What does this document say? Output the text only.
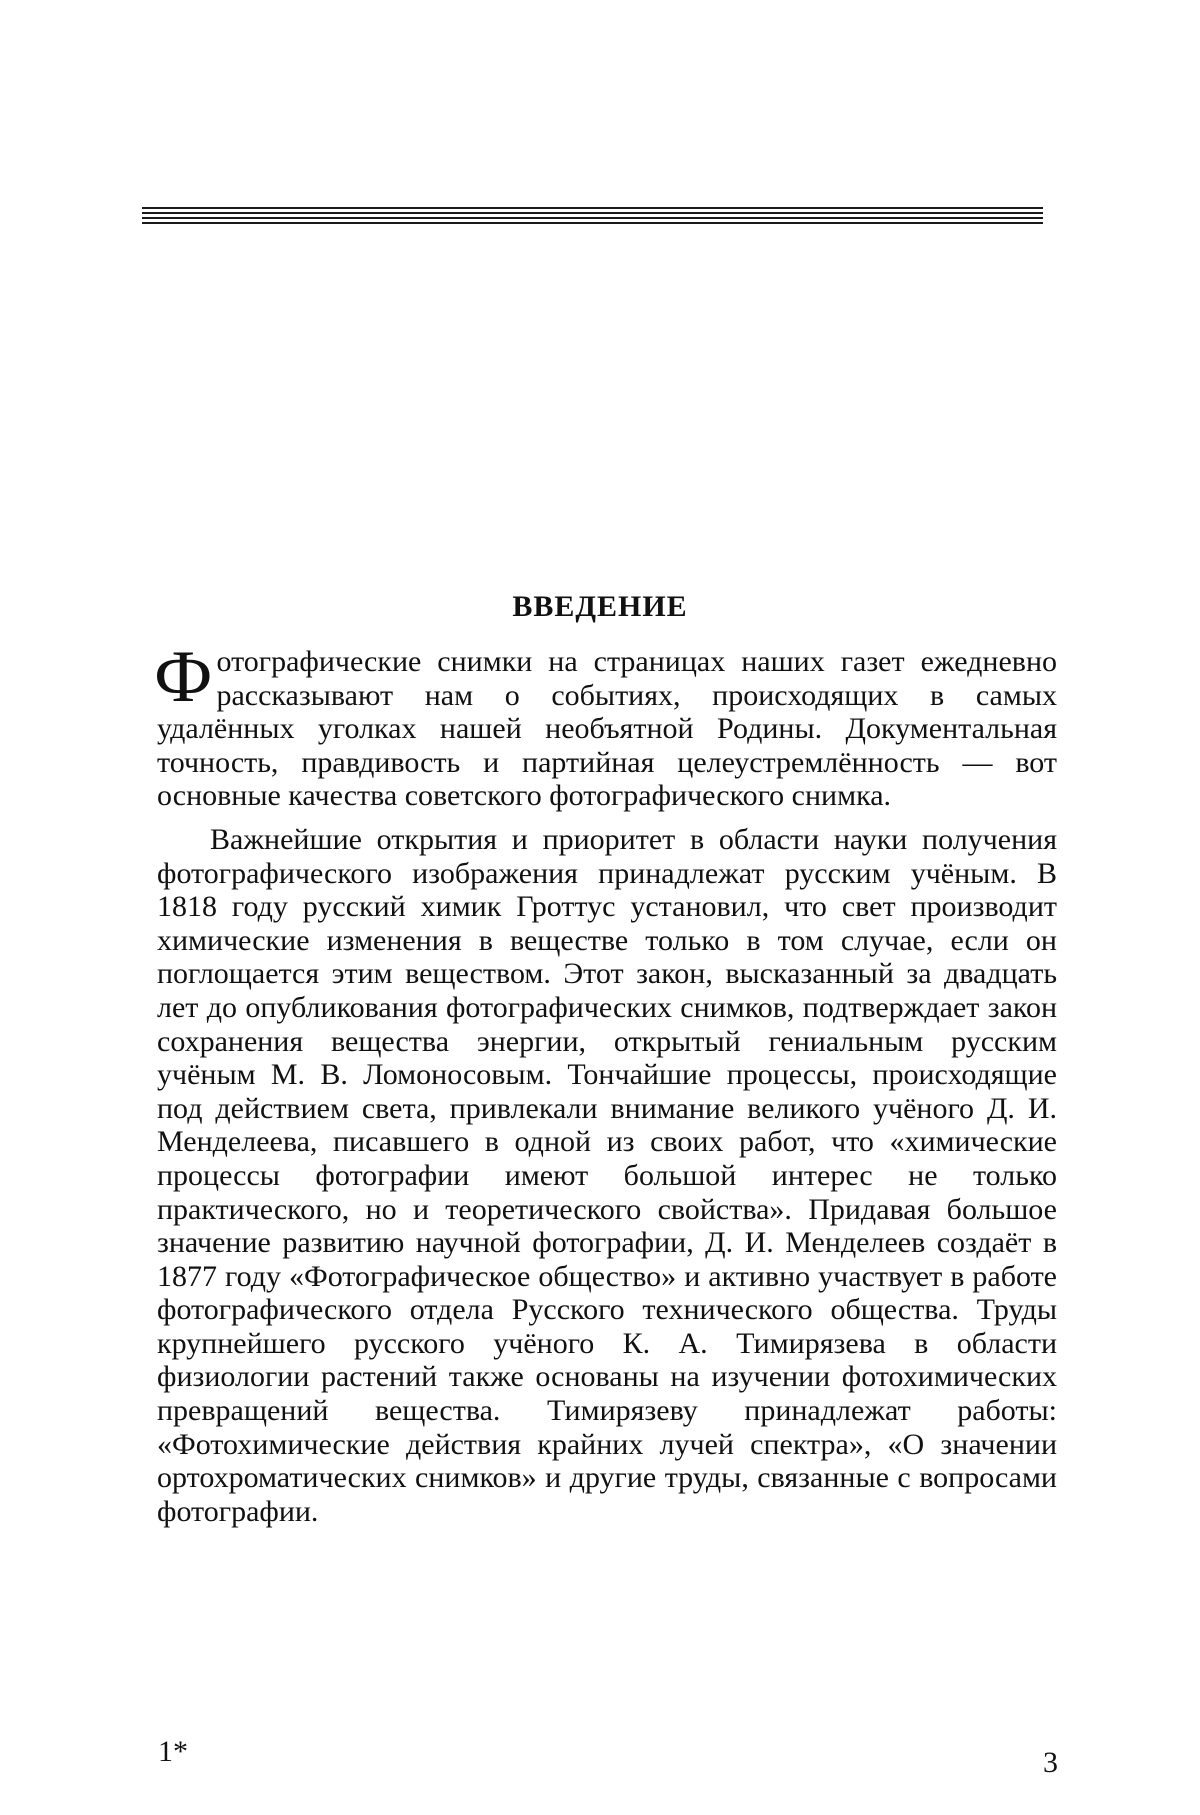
ВВЕДЕНИЕ

Фотографические снимки на страницах наших газет ежедневно рассказывают нам о событиях, происходящих в самых удалённых уголках нашей необъятной Родины. Документальная точность, правдивость и партийная целеустремлённость — вот основные качества советского фотографического снимка.

Важнейшие открытия и приоритет в области науки получения фотографического изображения принадлежат русским учёным. В 1818 году русский химик Гроттус установил, что свет производит химические изменения в веществе только в том случае, если он поглощается этим веществом. Этот закон, высказанный за двадцать лет до опубликования фотографических снимков, подтверждает закон сохранения вещества энергии, открытый гениальным русским учёным М. В. Ломоносовым. Тончайшие процессы, происходящие под действием света, привлекали внимание великого учёного Д. И. Менделеева, писавшего в одной из своих работ, что «химические процессы фотографии имеют большой интерес не только практического, но и теоретического свойства». Придавая большое значение развитию научной фотографии, Д. И. Менделеев создаёт в 1877 году «Фотографическое общество» и активно участвует в работе фотографического отдела Русского технического общества. Труды крупнейшего русского учёного К. А. Тимирязева в области физиологии растений также основаны на изучении фотохимических превращений вещества. Тимирязеву принадлежат работы: «Фотохимические действия крайних лучей спектра», «О значении ортохроматических снимков» и другие труды, связанные с вопросами фотографии.

1*	3
